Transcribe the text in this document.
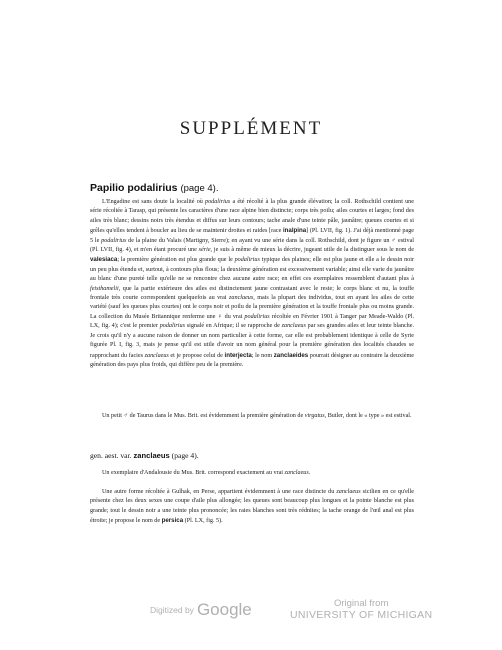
SUPPLÉMENT
Papilio podalirius (page 4).

L'Engadine est sans doute la localité où podalirius a été récolté à la plus grande élévation; la coll. Rothschild contient une série récoltée à Tarasp, qui présente les caractères d'une race alpine bien distincte; corps très poilu; ailes courtes et larges; fond des ailes très blanc; dessins noirs très étendus et diffus sur leurs contours; tache anale d'une teinte pâle, jaunâtre; queues courtes et si grêles qu'elles tendent à boucler au lieu de se maintenir droites et raides [race inalpina] (Pl. LVII, fig. 1). J'ai déjà mentionné page 5 le podalirius de la plaine du Valais (Martigny, Sierre); en ayant vu une série dans la coll. Rothschild, dont je figure un ♂ estival (Pl. LVII, fig. 4), et m'en étant procuré une série, je suis à même de mieux la décrire, jugeant utile de la distinguer sous le nom de valesiaca; la première génération est plus grande que le podalirius typique des plaines; elle est plus jaune et elle a le dessin noir un peu plus étendu et, surtout, à contours plus flous; la deuxième génération est excessivement variable; ainsi elle varie du jaunâtre au blanc d'une pureté telle qu'elle ne se rencontre chez aucune autre race; en effet ces exemplaires ressemblent d'autant plus à feisthamelii, que la partie extérieure des ailes est distinctement jaune contrastant avec le reste; le corps blanc et nu, la touffe frontale très courte correspondent quelquefois au vrai zanclaeus, mais la plupart des individus, tout en ayant les ailes de cette variété (sauf les queues plus courtes) ont le corps noir et poilu de la première génération et la touffe frontale plus ou moins grande. La collection du Musée Britannique renferme une ♀ du vrai podalirius récoltée en Février 1901 à Tanger par Meade-Waldo (Pl. LX, fig. 4); c'est le premier podalirius signalé en Afrique; il se rapproche de zanclaeus par ses grandes ailes et leur teinte blanche. Je crois qu'il n'y a aucune raison de donner un nom particulier à cette forme, car elle est probablement identique à celle de Syrie figurée Pl. I, fig. 3, mais je pense qu'il est utile d'avoir un nom général pour la première génération des localités chaudes se rapprochant du facies zanclaeus et je propose celui de interjecta; le nom zanclaeides pourrait désigner au contraire la deuxième génération des pays plus froids, qui diffère peu de la première.

Un petit ♂ de Taurus dans le Mus. Brit. est évidemment la première génération de virgatus, Butler, dont le « type » est estival.

gen. aest. var. zanclaeus (page 4).

Un exemplaire d'Andalousie du Mus. Brit. correspond exactement au vrai zanclaeus.

Une autre forme récoltée à Gulhak, en Perse, appartient évidemment à une race distincte du zanclaeus sicilien en ce qu'elle présente chez les deux sexes une coupe d'aile plus allongée; les queues sont beaucoup plus longues et la pointe blanche est plus grande; tout le dessin noir a une teinte plus prononcée; les raies blanches sont très rédnites; la tache orange de l'œil anal est plus étroite; je propose le nom de persica (Pl. LX, fig. 5).

Digitized by Google	Original from
UNIVERSITY OF MICHIGAN
